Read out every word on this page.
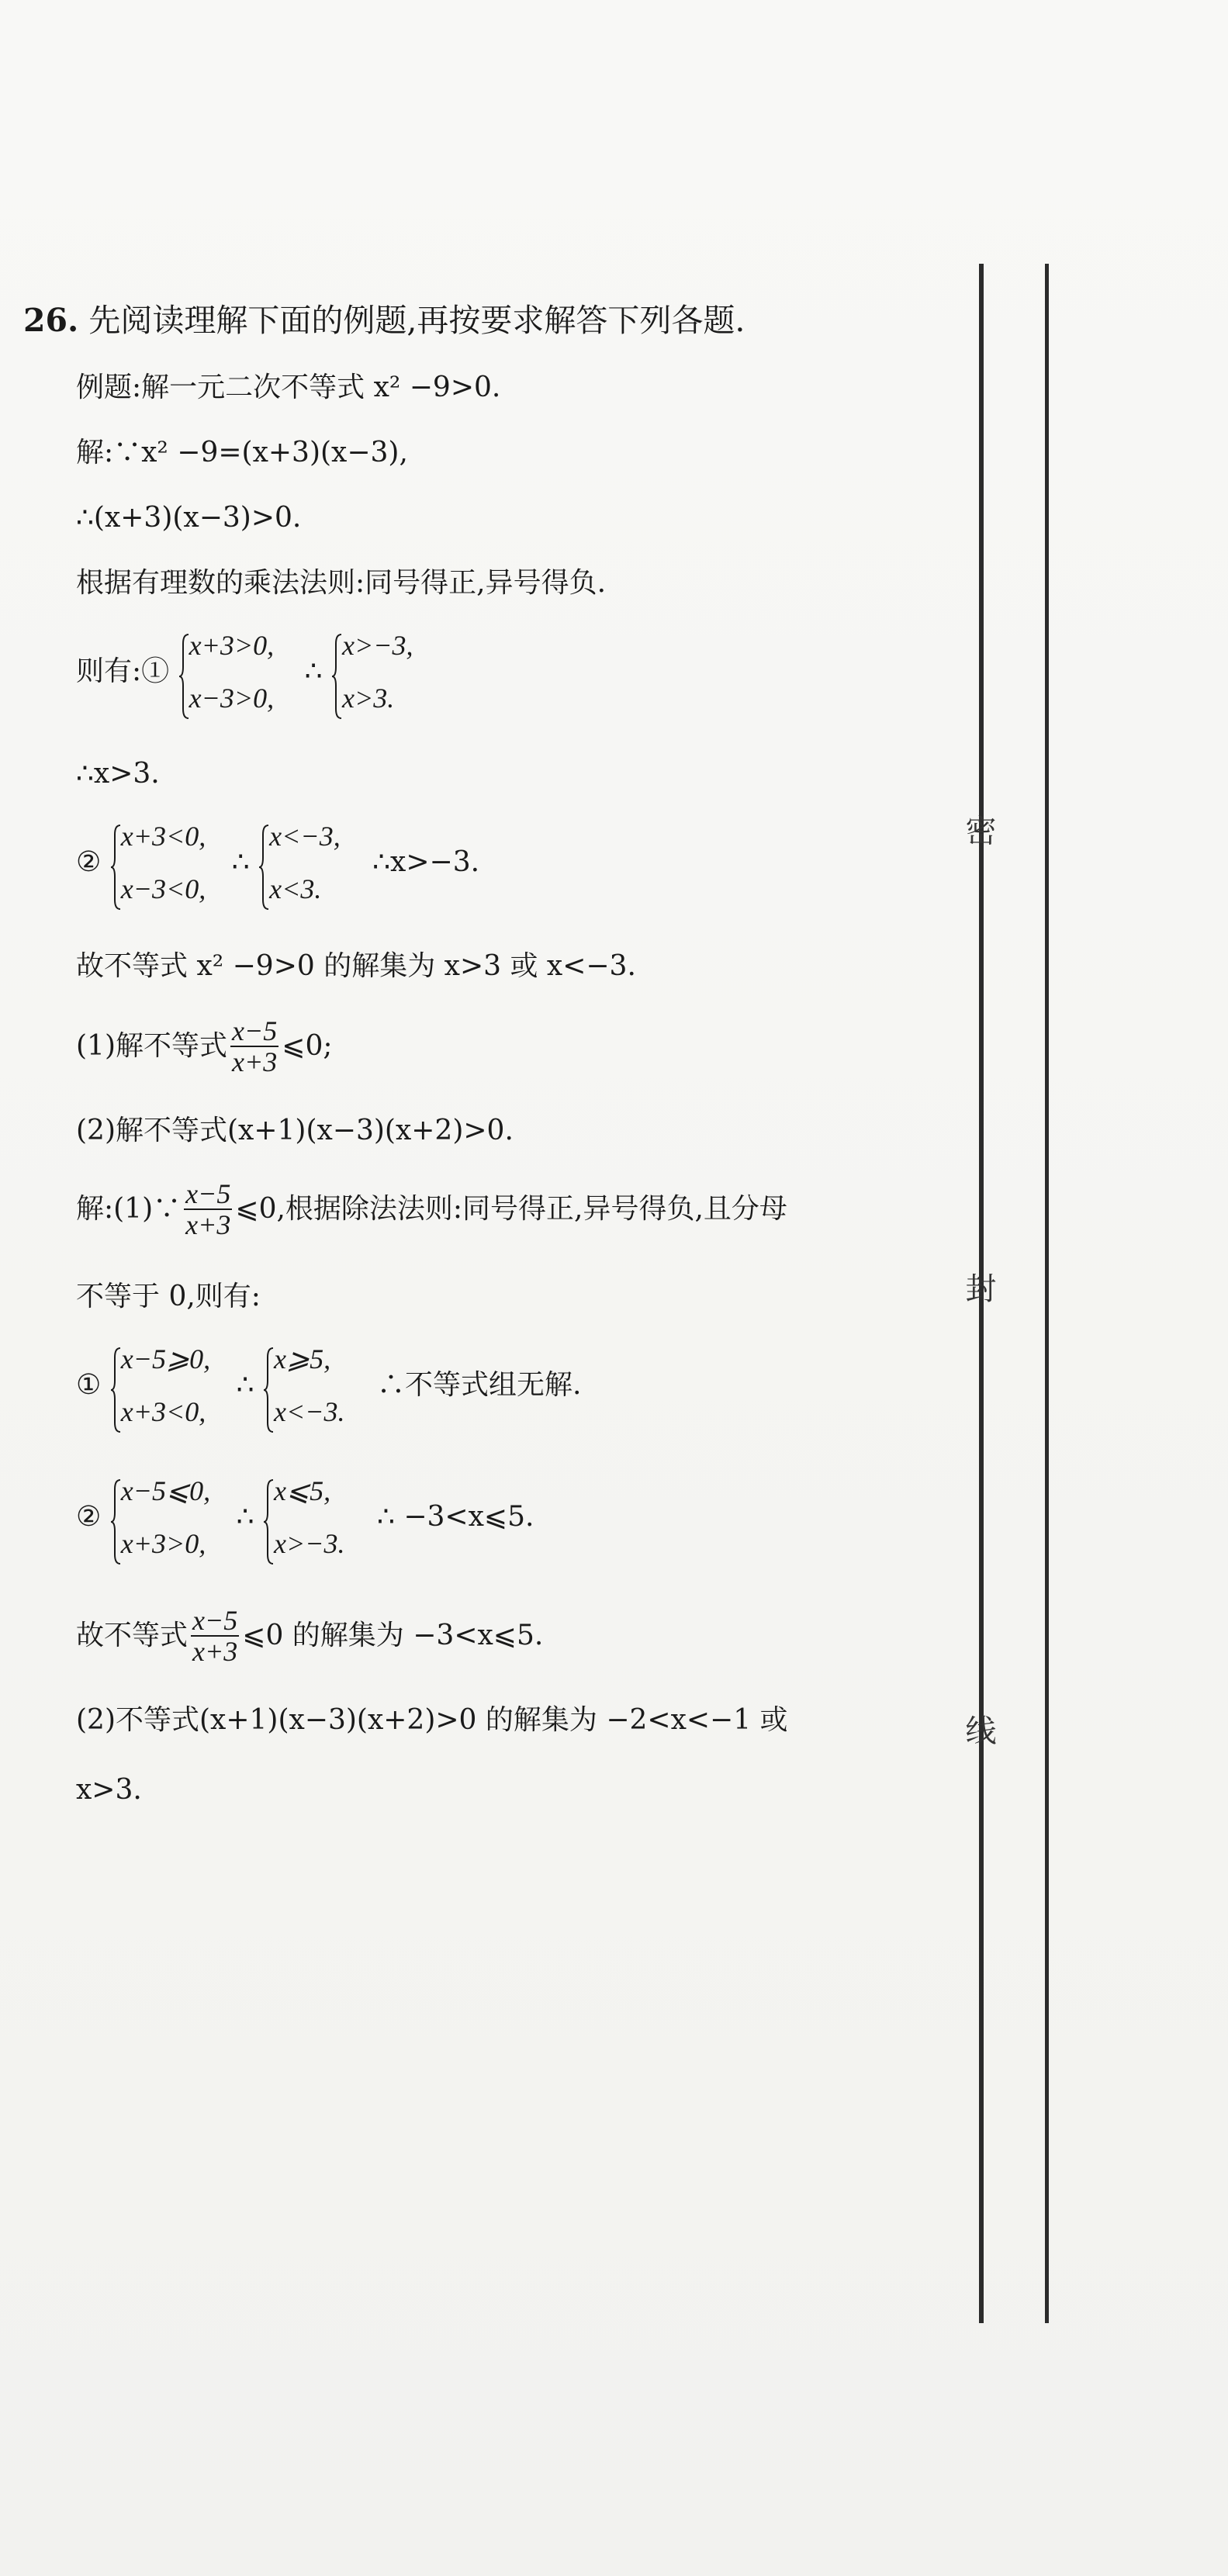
密
封
线
26. 先阅读理解下面的例题,再按要求解答下列各题.
例题:解一元二次不等式 x² −9>0.
解:∵x² −9=(x+3)(x−3),
∴(x+3)(x−3)>0.
根据有理数的乘法法则:同号得正,异号得负.
则有:①
x+3>0,
x−3>0,
∴
x>−3,
x>3.
∴x>3.
②
x+3<0,
x−3<0,
∴
x<−3,
x<3.
∴x>−3.
故不等式 x² −9>0 的解集为 x>3 或 x<−3.
(1)解不等式 $\frac{x-5}{x+3}$ ⩽0;
(2)解不等式(x+1)(x−3)(x+2)>0.
解:(1)∵ $\frac{x-5}{x+3}$ ⩽0,根据除法法则:同号得正,异号得负,且分母
不等于 0,则有:
①
x−5⩾0,
x+3<0,
∴
x⩾5,
x<−3.
∴不等式组无解.
②
x−5⩽0,
x+3>0,
∴
x⩽5,
x>−3.
∴ −3<x⩽5.
故不等式 $\frac{x-5}{x+3}$ ⩽0 的解集为 −3<x⩽5.
(2)不等式(x+1)(x−3)(x+2)>0 的解集为 −2<x<−1 或
x>3.
